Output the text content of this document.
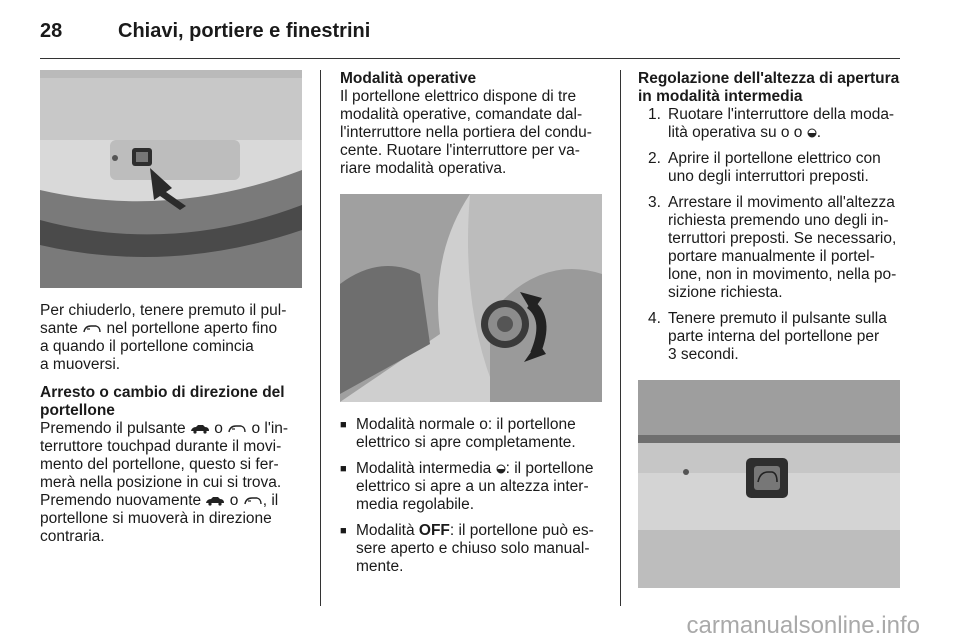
28	Chiavi, portiere e finestrini
Per chiuderlo, tenere premuto il pul-
sante nel portellone aperto fino
a quando il portellone comincia
a muoversi.
Arresto o cambio di direzione del
portellone
Premendo il pulsante o o l'in-
terruttore touchpad durante il movi-
mento del portellone, questo si fer-
merà nella posizione in cui si trova.
Premendo nuovamente o , il
portellone si muoverà in direzione
contraria.
Modalità operative
Il portellone elettrico dispone di tre
modalità operative, comandate dal-
l'interruttore nella portiera del condu-
cente. Ruotare l'interruttore per va-
riare modalità operativa.
■ Modalità normale o: il portellone
elettrico si apre completamente.
■ Modalità intermedia : il portellone
elettrico si apre a un altezza inter-
media regolabile.
■ Modalità OFF: il portellone può es-
sere aperto e chiuso solo manual-
mente.
Regolazione dell'altezza di apertura
in modalità intermedia
1. Ruotare l'interruttore della moda-
lità operativa su o o .
2. Aprire il portellone elettrico con
uno degli interruttori preposti.
3. Arrestare il movimento all'altezza
richiesta premendo uno degli in-
terruttori preposti. Se necessario,
portare manualmente il portel-
lone, non in movimento, nella po-
sizione richiesta.
4. Tenere premuto il pulsante sulla
parte interna del portellone per
3 secondi.
carmanualsonline.info
